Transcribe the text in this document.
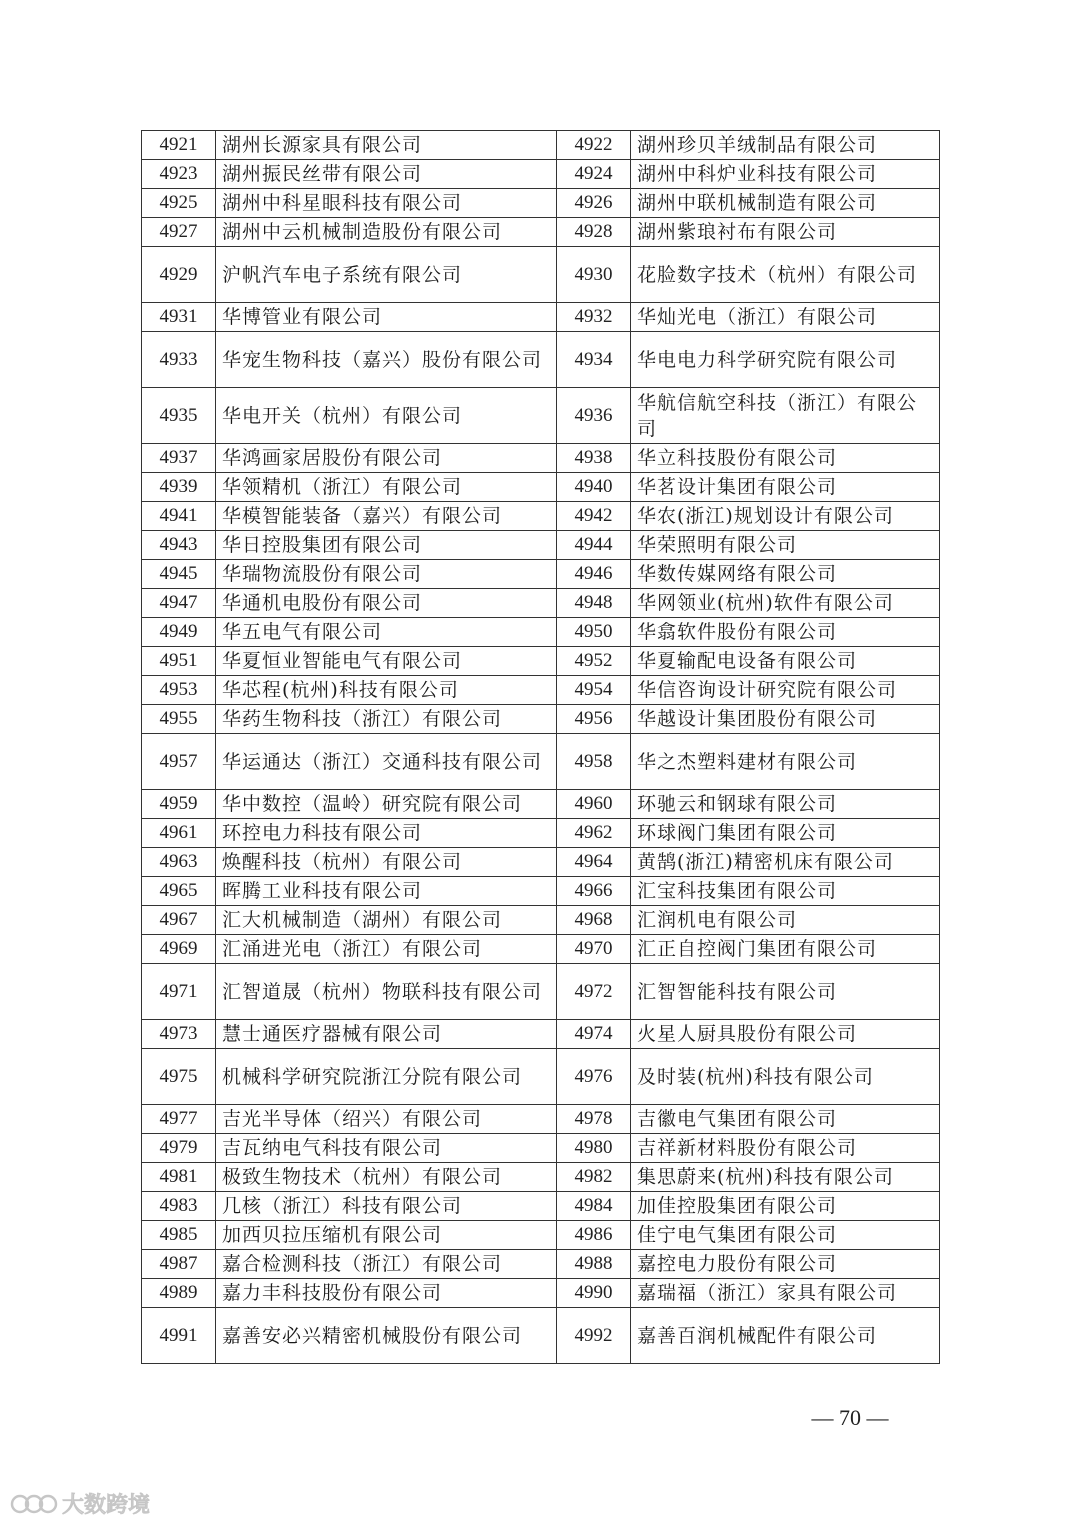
4921	湖州长源家具有限公司	4922	湖州珍贝羊绒制品有限公司
4923	湖州振民丝带有限公司	4924	湖州中科炉业科技有限公司
4925	湖州中科星眼科技有限公司	4926	湖州中联机械制造有限公司
4927	湖州中云机械制造股份有限公司	4928	湖州紫琅衬布有限公司
4929	沪帆汽车电子系统有限公司	4930	花脸数字技术（杭州）有限公司
4931	华博管业有限公司	4932	华灿光电（浙江）有限公司
4933	华宠生物科技（嘉兴）股份有限公司	4934	华电电力科学研究院有限公司
4935	华电开关（杭州）有限公司	4936	华航信航空科技（浙江）有限公司
4937	华鸿画家居股份有限公司	4938	华立科技股份有限公司
4939	华领精机（浙江）有限公司	4940	华茗设计集团有限公司
4941	华模智能装备（嘉兴）有限公司	4942	华农(浙江)规划设计有限公司
4943	华日控股集团有限公司	4944	华荣照明有限公司
4945	华瑞物流股份有限公司	4946	华数传媒网络有限公司
4947	华通机电股份有限公司	4948	华网领业(杭州)软件有限公司
4949	华五电气有限公司	4950	华翕软件股份有限公司
4951	华夏恒业智能电气有限公司	4952	华夏输配电设备有限公司
4953	华芯程(杭州)科技有限公司	4954	华信咨询设计研究院有限公司
4955	华药生物科技（浙江）有限公司	4956	华越设计集团股份有限公司
4957	华运通达（浙江）交通科技有限公司	4958	华之杰塑料建材有限公司
4959	华中数控（温岭）研究院有限公司	4960	环驰云和钢球有限公司
4961	环控电力科技有限公司	4962	环球阀门集团有限公司
4963	焕醒科技（杭州）有限公司	4964	黄鹄(浙江)精密机床有限公司
4965	晖腾工业科技有限公司	4966	汇宝科技集团有限公司
4967	汇大机械制造（湖州）有限公司	4968	汇润机电有限公司
4969	汇涌进光电（浙江）有限公司	4970	汇正自控阀门集团有限公司
4971	汇智道晟（杭州）物联科技有限公司	4972	汇智智能科技有限公司
4973	慧士通医疗器械有限公司	4974	火星人厨具股份有限公司
4975	机械科学研究院浙江分院有限公司	4976	及时装(杭州)科技有限公司
4977	吉光半导体（绍兴）有限公司	4978	吉徽电气集团有限公司
4979	吉瓦纳电气科技有限公司	4980	吉祥新材料股份有限公司
4981	极致生物技术（杭州）有限公司	4982	集思蔚来(杭州)科技有限公司
4983	几核（浙江）科技有限公司	4984	加佳控股集团有限公司
4985	加西贝拉压缩机有限公司	4986	佳宁电气集团有限公司
4987	嘉合检测科技（浙江）有限公司	4988	嘉控电力股份有限公司
4989	嘉力丰科技股份有限公司	4990	嘉瑞福（浙江）家具有限公司
4991	嘉善安必兴精密机械股份有限公司	4992	嘉善百润机械配件有限公司
— 70 —
大数跨境
